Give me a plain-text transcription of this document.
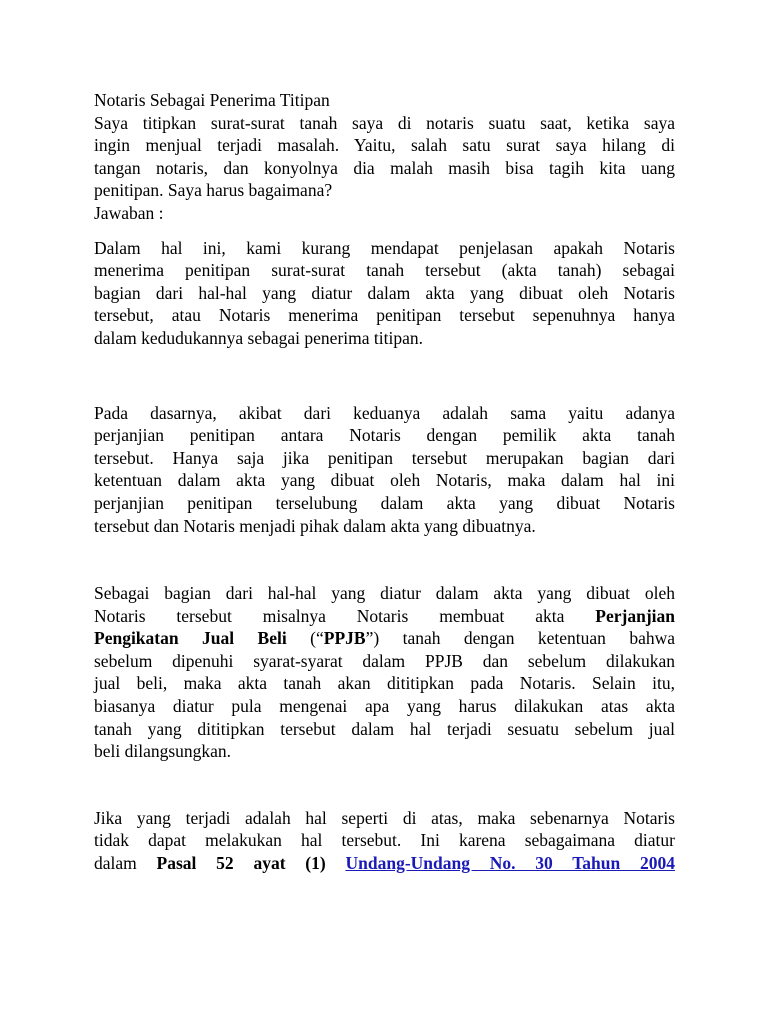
Notaris Sebagai Penerima Titipan
Saya titipkan surat-surat tanah saya di notaris suatu saat, ketika saya
ingin menjual terjadi masalah. Yaitu, salah satu surat saya hilang di
tangan notaris, dan konyolnya dia malah masih bisa tagih kita uang
penitipan. Saya harus bagaimana?
Jawaban :
Dalam hal ini, kami kurang mendapat penjelasan apakah Notaris
menerima penitipan surat-surat tanah tersebut (akta tanah) sebagai
bagian dari hal-hal yang diatur dalam akta yang dibuat oleh Notaris
tersebut, atau Notaris menerima penitipan tersebut sepenuhnya hanya
dalam kedudukannya sebagai penerima titipan.
Pada dasarnya, akibat dari keduanya adalah sama yaitu adanya
perjanjian penitipan antara Notaris dengan pemilik akta tanah
tersebut. Hanya saja jika penitipan tersebut merupakan bagian dari
ketentuan dalam akta yang dibuat oleh Notaris, maka dalam hal ini
perjanjian penitipan terselubung dalam akta yang dibuat Notaris
tersebut dan Notaris menjadi pihak dalam akta yang dibuatnya.
Sebagai bagian dari hal-hal yang diatur dalam akta yang dibuat oleh
Notaris tersebut misalnya Notaris membuat akta Perjanjian
Pengikatan Jual Beli (“PPJB”) tanah dengan ketentuan bahwa
sebelum dipenuhi syarat-syarat dalam PPJB dan sebelum dilakukan
jual beli, maka akta tanah akan dititipkan pada Notaris. Selain itu,
biasanya diatur pula mengenai apa yang harus dilakukan atas akta
tanah yang dititipkan tersebut dalam hal terjadi sesuatu sebelum jual
beli dilangsungkan.
Jika yang terjadi adalah hal seperti di atas, maka sebenarnya Notaris
tidak dapat melakukan hal tersebut. Ini karena sebagaimana diatur
dalam Pasal 52 ayat (1) Undang-Undang No. 30 Tahun 2004
